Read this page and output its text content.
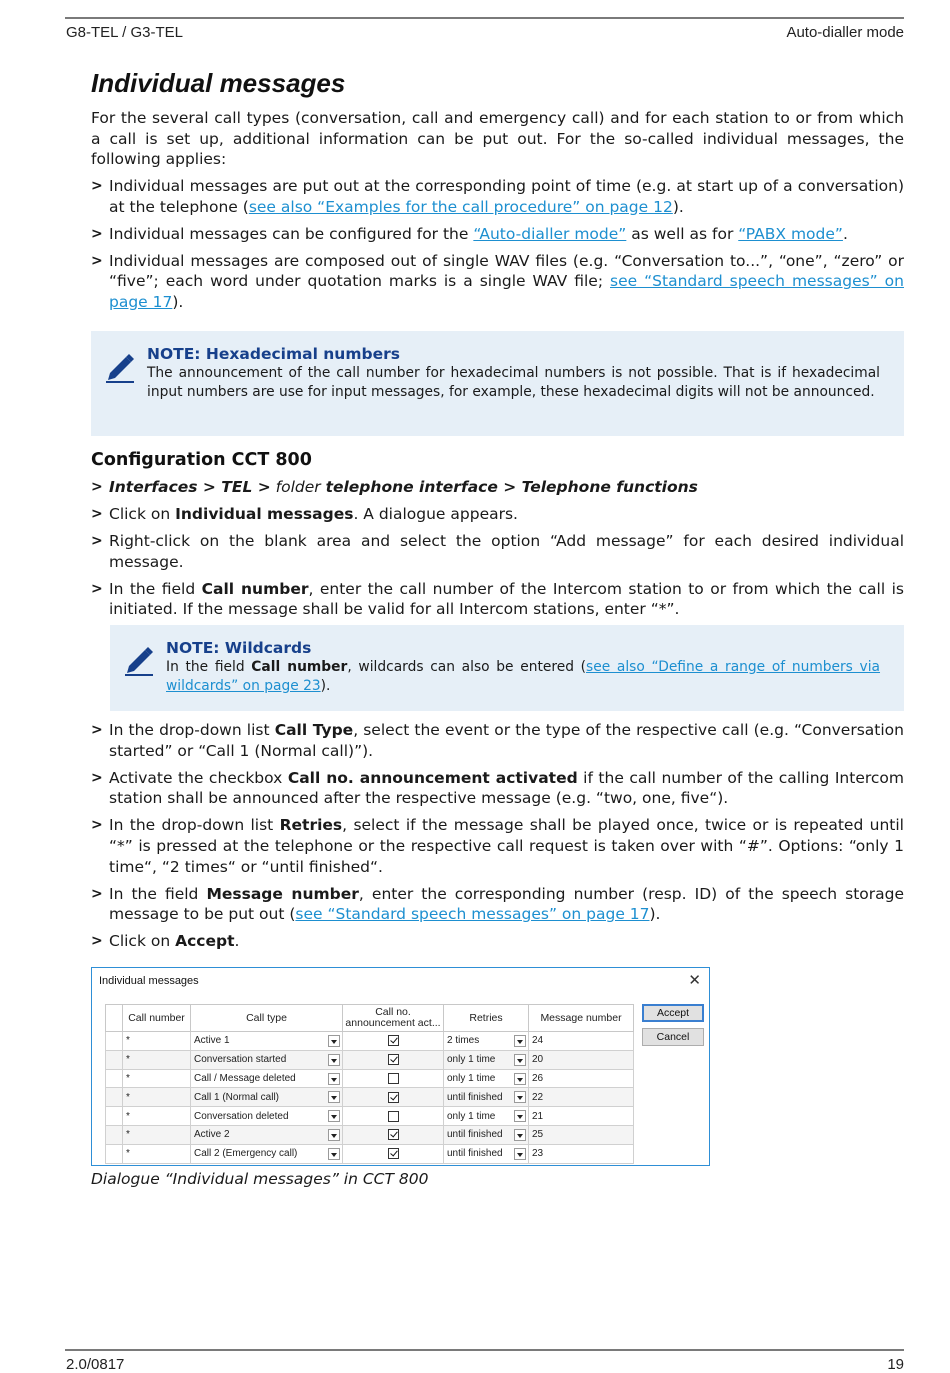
G8-TEL / G3-TEL	Auto-dialler mode
Individual messages

For the several call types (conversation, call and emergency call) and for each station to or from which a call is set up, additional information can be put out. For the so-called individual messages, the following applies:

> Individual messages are put out at the corresponding point of time (e.g. at start up of a conversation) at the telephone (see also “Examples for the call procedure” on page 12).
> Individual messages can be configured for the “Auto-dialler mode” as well as for “PABX mode”.
> Individual messages are composed out of single WAV files (e.g. “Conversation to...”, “one”, “zero” or “five”; each word under quotation marks is a single WAV file; see “Standard speech messages” on page 17).
NOTE: Hexadecimal numbers
The announcement of the call number for hexadecimal numbers is not possible. That is if hexadecimal input numbers are use for input messages, for example, these hexadecimal digits will not be announced.
Configuration CCT 800
> Interfaces > TEL > folder telephone interface > Telephone functions
> Click on Individual messages. A dialogue appears.
> Right-click on the blank area and select the option “Add message” for each desired individual message.
> In the field Call number, enter the call number of the Intercom station to or from which the call is initiated. If the message shall be valid for all Intercom stations, enter “*”.
NOTE: Wildcards
In the field Call number, wildcards can also be entered (see also “Define a range of numbers via wildcards” on page 23).
> In the drop-down list Call Type, select the event or the type of the respective call (e.g. “Conversation started” or “Call 1 (Normal call)”).
> Activate the checkbox Call no. announcement activated if the call number of the calling Intercom station shall be announced after the respective message (e.g. “two, one, five“).
> In the drop-down list Retries, select if the message shall be played once, twice or is repeated until “*” is pressed at the telephone or the respective call request is taken over with “#”. Options: “only 1 time“, “2 times“ or “until finished“.
> In the field Message number, enter the corresponding number (resp. ID) of the speech storage message to be put out (see “Standard speech messages” on page 17).
> Click on Accept.
Individual messages	✕
	Call number	Call type	Call no. announcement act...	Retries	Message number
	*	Active 1		2 times	24
	*	Conversation started		only 1 time	20
	*	Call / Message deleted		only 1 time	26
	*	Call 1 (Normal call)		until finished	22
	*	Conversation deleted		only 1 time	21
	*	Active 2		until finished	25
	*	Call 2 (Emergency call)		until finished	23
Accept
Cancel
Dialogue “Individual messages” in CCT 800
2.0/0817	19
